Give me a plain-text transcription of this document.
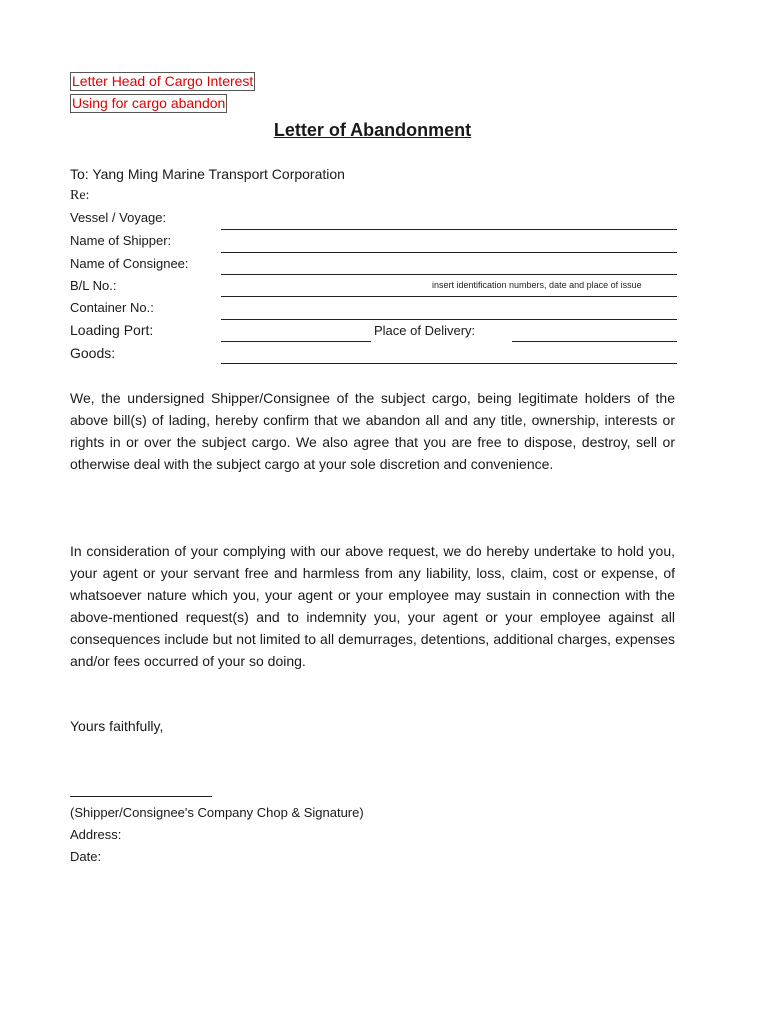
Letter Head of Cargo Interest
Using for cargo abandon
Letter of Abandonment
To: Yang Ming Marine Transport Corporation
Re:
Vessel / Voyage:
Name of Shipper:
Name of Consignee:
B/L No.:	insert identification numbers, date and place of issue
Container No.:
Loading Port:	Place of Delivery:
Goods:
We, the undersigned Shipper/Consignee of the subject cargo, being legitimate holders of the above bill(s) of lading, hereby confirm that we abandon all and any title, ownership, interests or rights in or over the subject cargo. We also agree that you are free to dispose, destroy, sell or otherwise deal with the subject cargo at your sole discretion and convenience.
In consideration of your complying with our above request, we do hereby undertake to hold you, your agent or your servant free and harmless from any liability, loss, claim, cost or expense, of whatsoever nature which you, your agent or your employee may sustain in connection with the above-mentioned request(s) and to indemnity you, your agent or your employee against all consequences include but not limited to all demurrages, detentions, additional charges, expenses and/or fees occurred of your so doing.
Yours faithfully,
(Shipper/Consignee's Company Chop & Signature)
Address:
Date:
